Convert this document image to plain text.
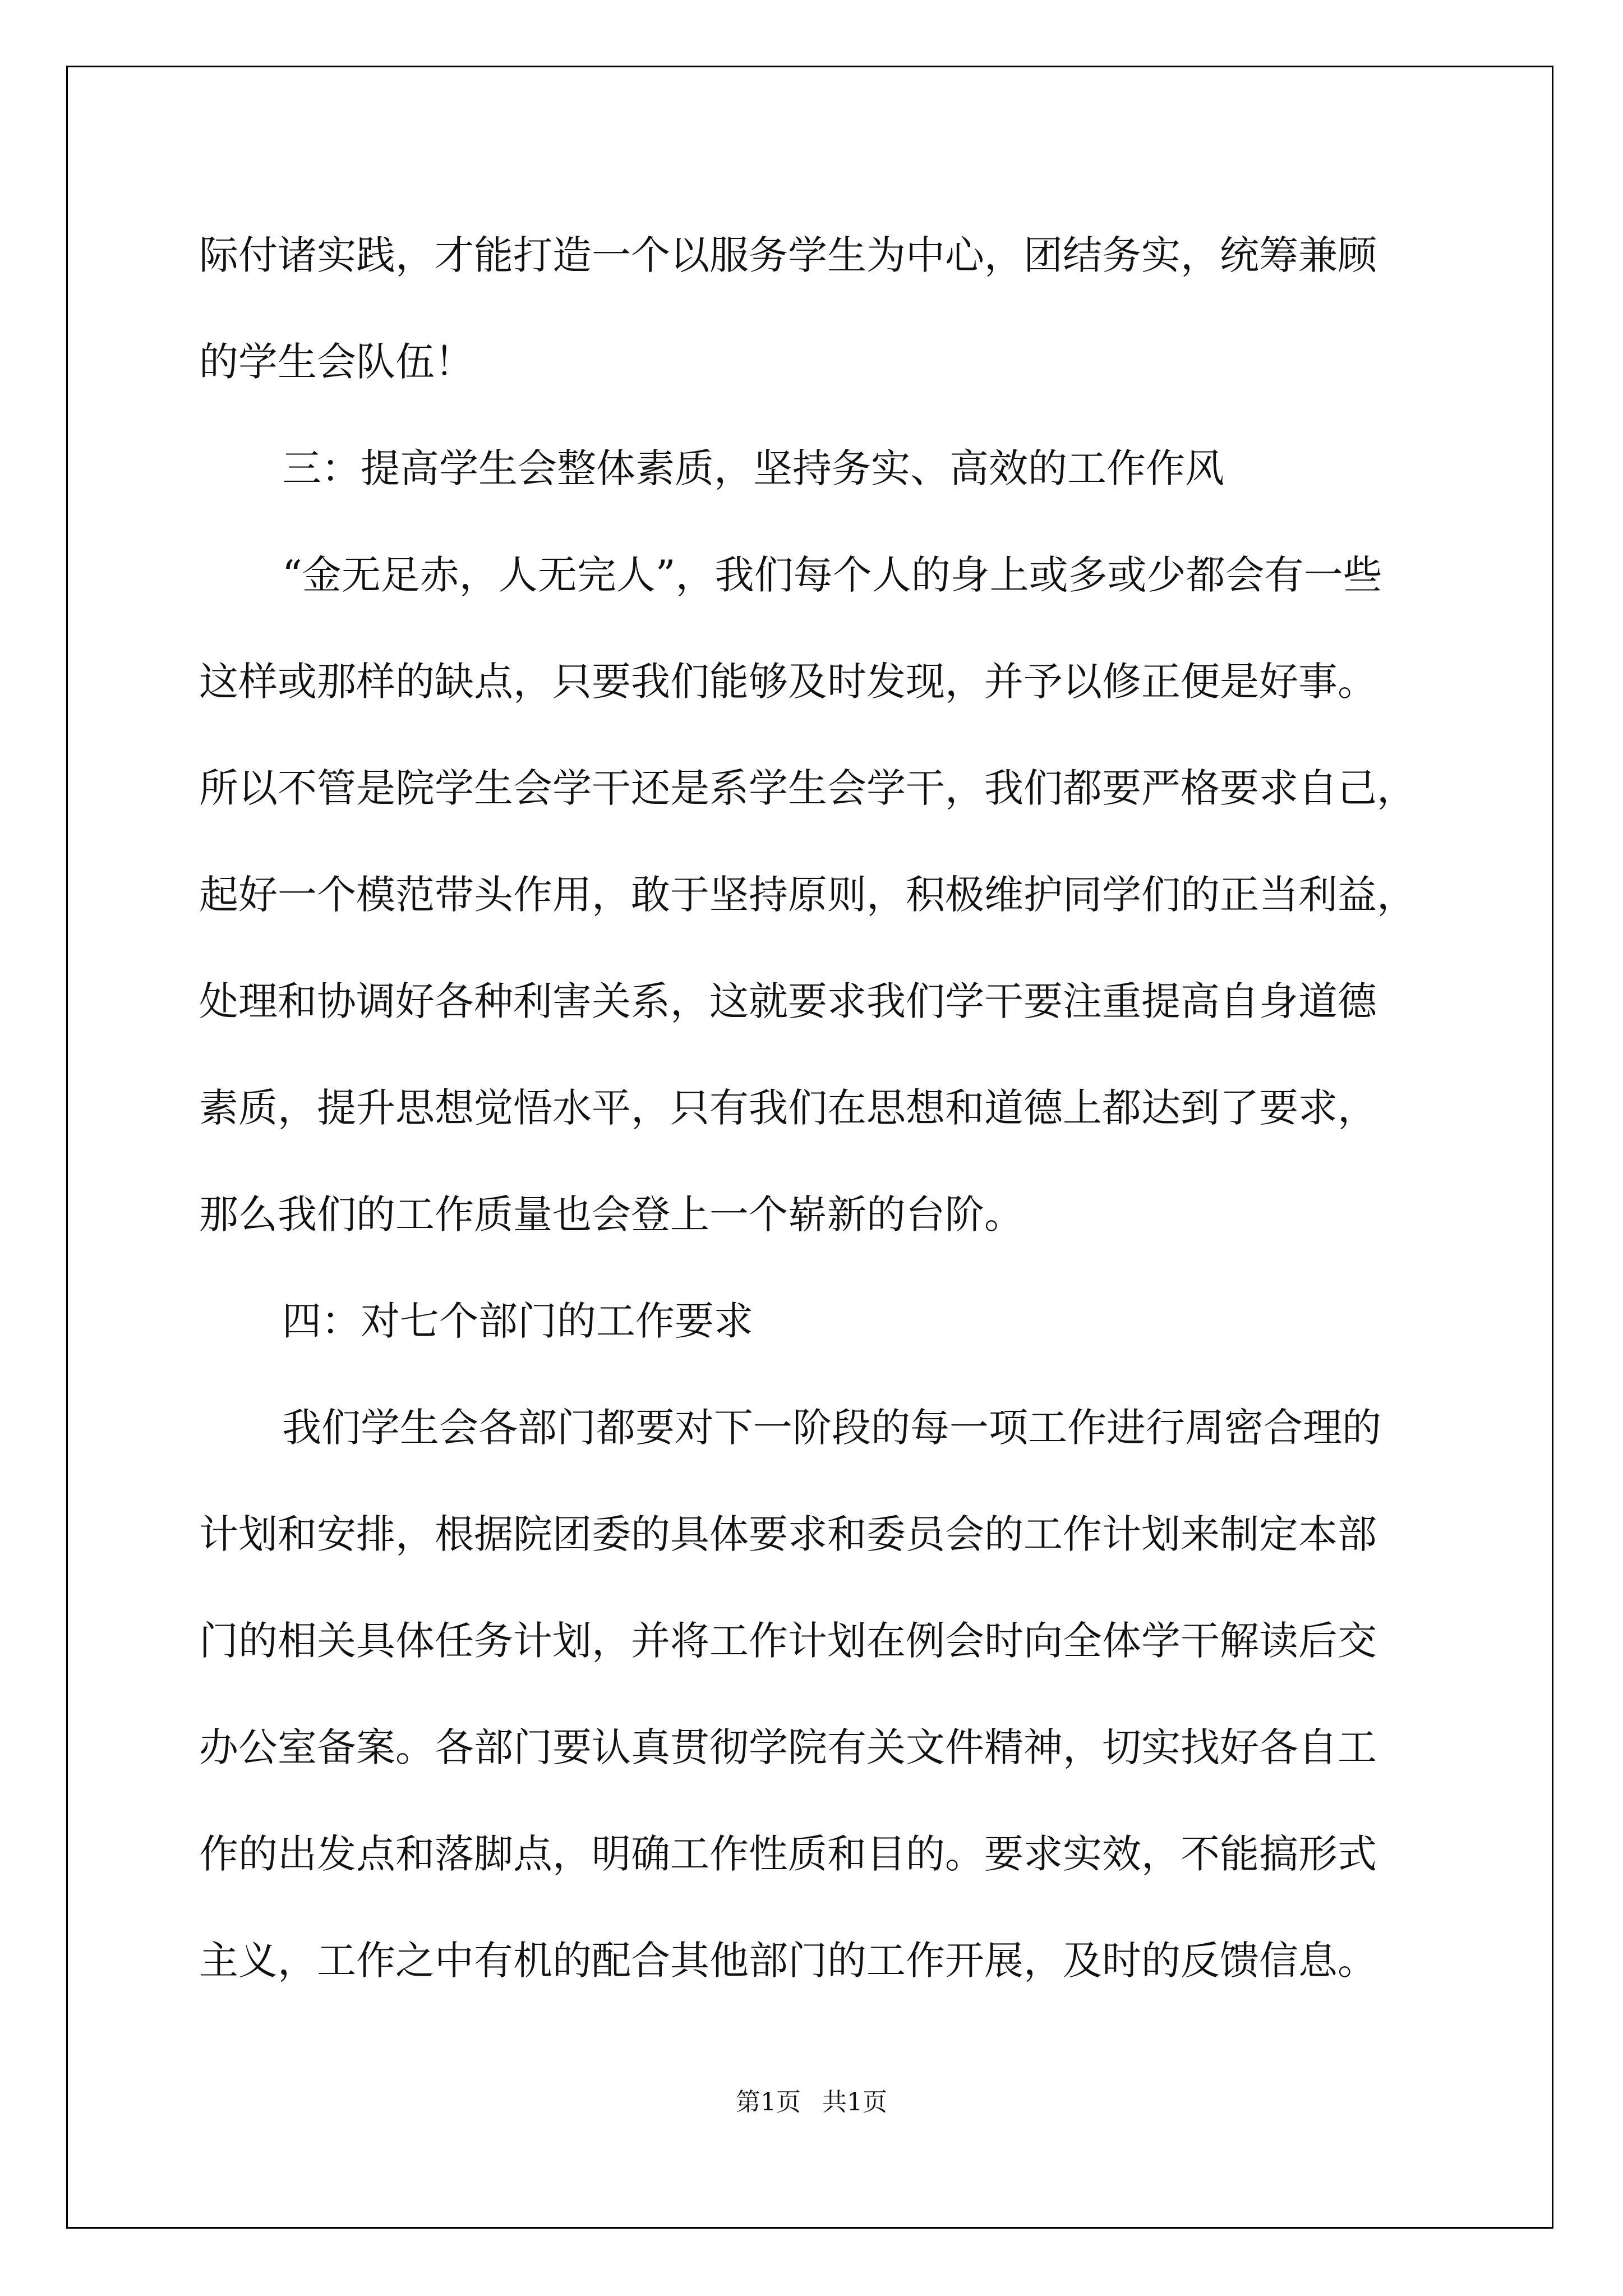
际付诸实践，才能打造一个以服务学生为中心，团结务实，统筹兼顾
的学生会队伍！
三：提高学生会整体素质，坚持务实、高效的工作作风
“金无足赤，人无完人”，我们每个人的身上或多或少都会有一些
这样或那样的缺点，只要我们能够及时发现，并予以修正便是好事。
所以不管是院学生会学干还是系学生会学干，我们都要严格要求自己，
起好一个模范带头作用，敢于坚持原则，积极维护同学们的正当利益，
处理和协调好各种利害关系，这就要求我们学干要注重提高自身道德
素质，提升思想觉悟水平，只有我们在思想和道德上都达到了要求，
那么我们的工作质量也会登上一个崭新的台阶。
四：对七个部门的工作要求
我们学生会各部门都要对下一阶段的每一项工作进行周密合理的
计划和安排，根据院团委的具体要求和委员会的工作计划来制定本部
门的相关具体任务计划，并将工作计划在例会时向全体学干解读后交
办公室备案。各部门要认真贯彻学院有关文件精神，切实找好各自工
作的出发点和落脚点，明确工作性质和目的。要求实效，不能搞形式
主义，工作之中有机的配合其他部门的工作开展，及时的反馈信息。
第1页 共1页
